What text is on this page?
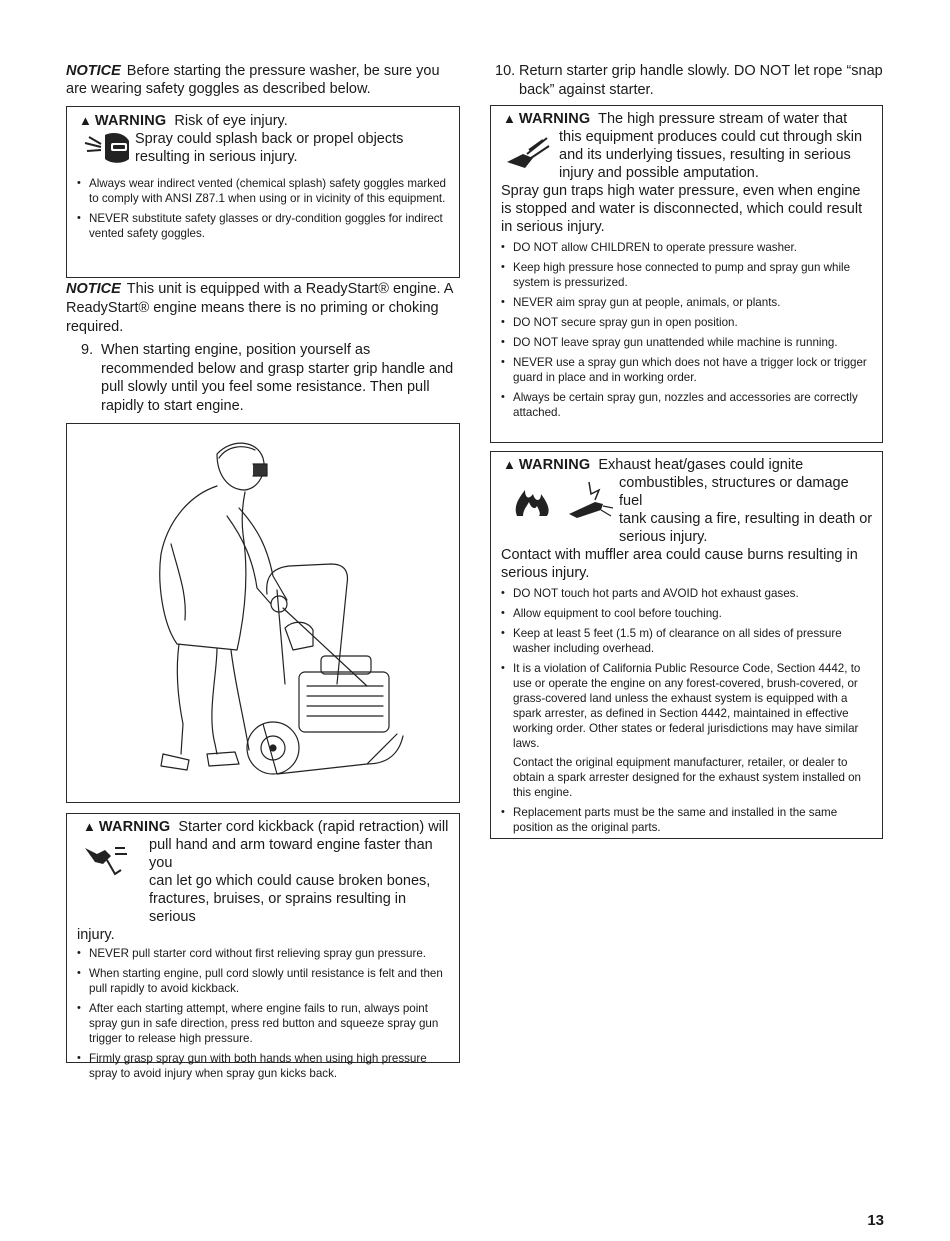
NOTICE Before starting the pressure washer, be sure you are wearing safety goggles as described below.

▲ WARNING Risk of eye injury.
Spray could splash back or propel objects
resulting in serious injury.
• Always wear indirect vented (chemical splash) safety goggles marked to comply with ANSI Z87.1 when using or in vicinity of this equipment.
• NEVER substitute safety glasses or dry-condition goggles for indirect vented safety goggles.

NOTICE This unit is equipped with a ReadyStart® engine. A ReadyStart® engine means there is no priming or choking required.

9. When starting engine, position yourself as recommended below and grasp starter grip handle and pull slowly until you feel some resistance. Then pull rapidly to start engine.
▲ WARNING Starter cord kickback (rapid retraction) will
pull hand and arm toward engine faster than you
can let go which could cause broken bones,
fractures, bruises, or sprains resulting in serious
injury.
• NEVER pull starter cord without first relieving spray gun pressure.
• When starting engine, pull cord slowly until resistance is felt and then pull rapidly to avoid kickback.
• After each starting attempt, where engine fails to run, always point spray gun in safe direction, press red button and squeeze spray gun trigger to release high pressure.
• Firmly grasp spray gun with both hands when using high pressure spray to avoid injury when spray gun kicks back.
10. Return starter grip handle slowly. DO NOT let rope “snap back” against starter.
▲ WARNING The high pressure stream of water that
this equipment produces could cut through skin
and its underlying tissues, resulting in serious
injury and possible amputation.
Spray gun traps high water pressure, even when engine is stopped and water is disconnected, which could result in serious injury.
• DO NOT allow CHILDREN to operate pressure washer.
• Keep high pressure hose connected to pump and spray gun while system is pressurized.
• NEVER aim spray gun at people, animals, or plants.
• DO NOT secure spray gun in open position.
• DO NOT leave spray gun unattended while machine is running.
• NEVER use a spray gun which does not have a trigger lock or trigger guard in place and in working order.
• Always be certain spray gun, nozzles and accessories are correctly attached.
▲ WARNING Exhaust heat/gases could ignite
combustibles, structures or damage fuel
tank causing a fire, resulting in death or
serious injury.
Contact with muffler area could cause burns resulting in serious injury.

• DO NOT touch hot parts and AVOID hot exhaust gases.

• Allow equipment to cool before touching.

• Keep at least 5 feet (1.5 m) of clearance on all sides of pressure washer including overhead.

• It is a violation of California Public Resource Code, Section 4442, to use or operate the engine on any forest-covered, brush-covered, or grass-covered land unless the exhaust system is equipped with a spark arrester, as defined in Section 4442, maintained in effective working order. Other states or federal jurisdictions may have similar laws.

Contact the original equipment manufacturer, retailer, or dealer to obtain a spark arrester designed for the exhaust system installed on this engine.

• Replacement parts must be the same and installed in the same position as the original parts.

13
